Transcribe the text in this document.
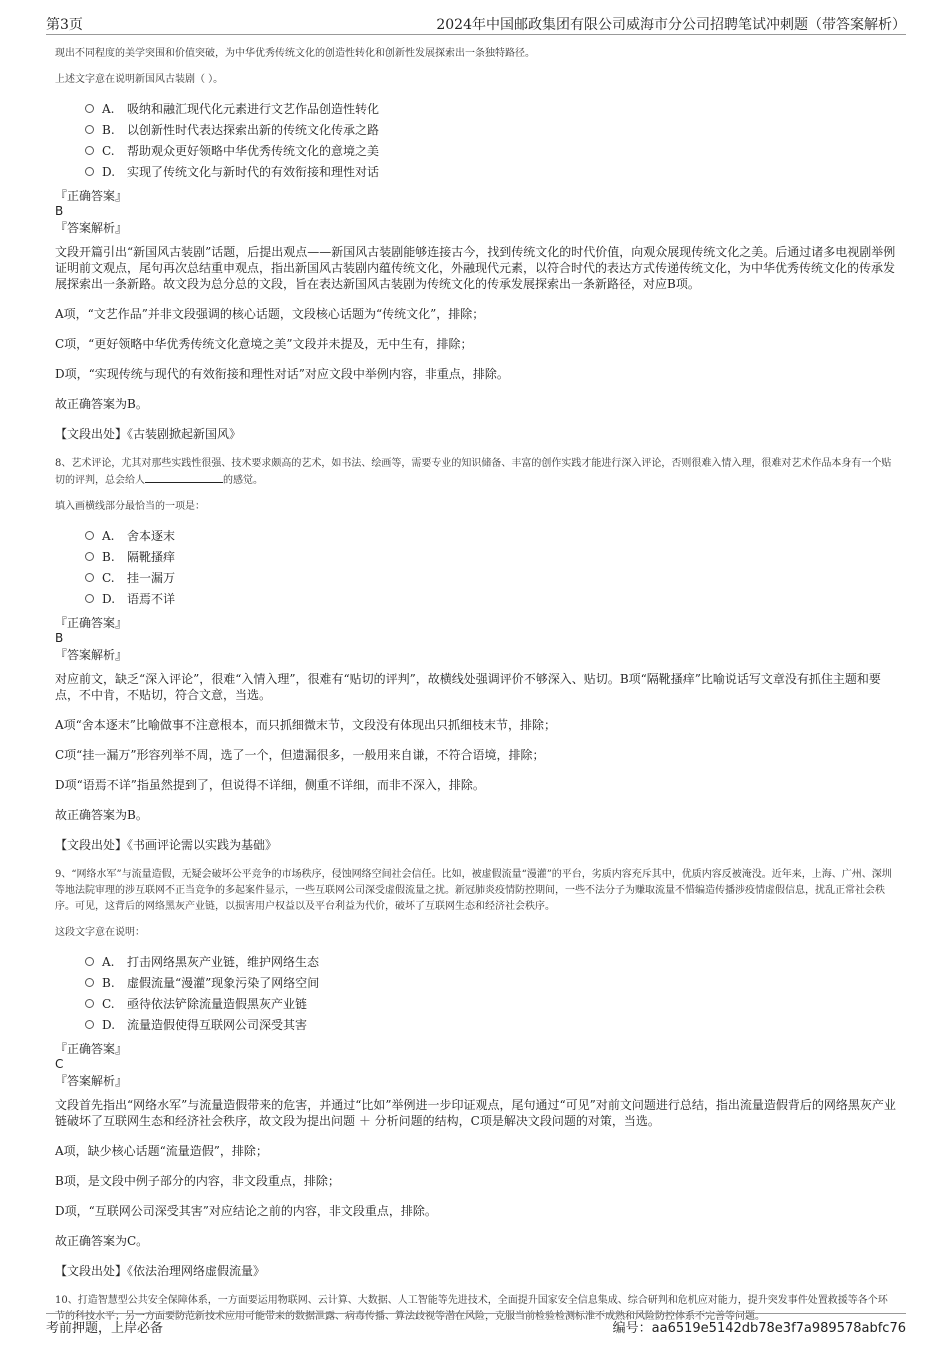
第3页	2024年中国邮政集团有限公司威海市分公司招聘笔试冲刺题（带答案解析）

现出不同程度的美学突围和价值突破，为中华优秀传统文化的创造性转化和创新性发展探索出一条独特路径。

上述文字意在说明新国风古装剧（ ）。

A.	吸纳和融汇现代化元素进行文艺作品创造性转化
B.	以创新性时代表达探索出新的传统文化传承之路
C.	帮助观众更好领略中华优秀传统文化的意境之美
D. 实现了传统文化与新时代的有效衔接和理性对话

『正确答案』

B

『答案解析』

文段开篇引出“新国风古装剧”话题，后提出观点——新国风古装剧能够连接古今，找到传统文化的时代价值，向观众展现传统文化之美。后通过诸多电视剧举例证明前文观点，尾句再次总结重申观点，指出新国风古装剧内蕴传统文化，外融现代元素，以符合时代的表达方式传递传统文化，为中华优秀传统文化的传承发展探索出一条新路。故文段为总分总的文段，旨在表达新国风古装剧为传统文化的传承发展探索出一条新路径，对应B项。

A项，“文艺作品”并非文段强调的核心话题，文段核心话题为“传统文化”，排除；

C项，“更好领略中华优秀传统文化意境之美”文段并未提及，无中生有，排除；

D项，“实现传统与现代的有效衔接和理性对话”对应文段中举例内容，非重点，排除。

故正确答案为B。

【文段出处】《古装剧掀起新国风》

8、艺术评论，尤其对那些实践性很强、技术要求颇高的艺术，如书法、绘画等，需要专业的知识储备、丰富的创作实践才能进行深入评论，否则很难入情入理，很难对艺术作品本身有一个贴切的评判，总会给人	的感觉。

填入画横线部分最恰当的一项是：

A.	舍本逐末
B.	隔靴搔痒
C.	挂一漏万
D. 语焉不详

『正确答案』

B

『答案解析』

对应前文，缺乏“深入评论”，很难“入情入理”，很难有“贴切的评判”，故横线处强调评价不够深入、贴切。B项“隔靴搔痒”比喻说话写文章没有抓住主题和要点，不中肯，不贴切，符合文意，当选。

A项“舍本逐末”比喻做事不注意根本，而只抓细微末节，文段没有体现出只抓细枝末节，排除；

C项“挂一漏万”形容列举不周，选了一个，但遗漏很多，一般用来自谦，不符合语境，排除；

D项“语焉不详”指虽然提到了，但说得不详细，侧重不详细，而非不深入，排除。

故正确答案为B。

【文段出处】《书画评论需以实践为基础》

9、“网络水军”与流量造假，无疑会破坏公平竞争的市场秩序，侵蚀网络空间社会信任。比如，被虚假流量“漫灌”的平台，劣质内容充斥其中，优质内容反被淹没。近年来，上海、广州、深圳等地法院审理的涉互联网不正当竞争的多起案件显示，一些互联网公司深受虚假流量之扰。新冠肺炎疫情防控期间，一些不法分子为赚取流量不惜编造传播涉疫情虚假信息，扰乱正常社会秩序。可见，这背后的网络黑灰产业链，以损害用户权益以及平台利益为代价，破坏了互联网生态和经济社会秩序。

这段文字意在说明：

A.	打击网络黑灰产业链，维护网络生态
B.	虚假流量“漫灌”现象污染了网络空间
C.	亟待依法铲除流量造假黑灰产业链
D. 流量造假使得互联网公司深受其害

『正确答案』

C

『答案解析』

文段首先指出“网络水军”与流量造假带来的危害，并通过“比如”举例进一步印证观点，尾句通过“可见”对前文问题进行总结，指出流量造假背后的网络黑灰产业链破坏了互联网生态和经济社会秩序，故文段为提出问题 ＋ 分析问题的结构，C项是解决文段问题的对策，当选。

A项，缺少核心话题“流量造假”，排除；

B项，是文段中例子部分的内容，非文段重点，排除；

D项，“互联网公司深受其害”对应结论之前的内容，非文段重点，排除。

故正确答案为C。

【文段出处】《依法治理网络虚假流量》

10、打造智慧型公共安全保障体系，一方面要运用物联网、云计算、大数据、人工智能等先进技术，全面提升国家安全信息集成、综合研判和危机应对能力，提升突发事件处置救援等各个环节的科技水平；另一方面要防范新技术应用可能带来的数据泄露、病毒传播、算法歧视等潜在风险，克服当前检验检测标准不成熟和风险防控体系不完善等问题。

考前押题，上岸必备	编号：aa6519e5142db78e3f7a989578abfc76
